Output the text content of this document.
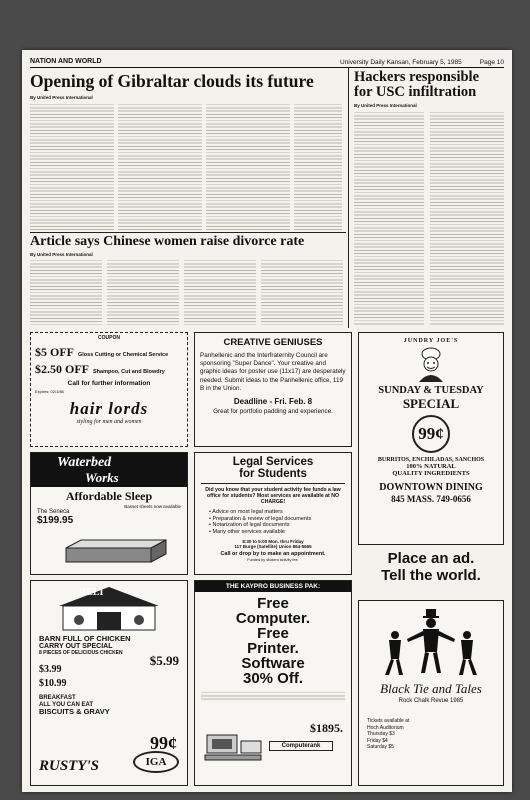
NATION AND WORLD	University Daily Kansan, February 5, 1985	Page 10
Opening of Gibraltar clouds its future
By United Press International
Hackers responsible
for USC infiltration
By United Press International
Article says Chinese women raise divorce rate
By United Press International
COUPON
$5 OFF Gloss Cutting or Chemical Service
$2.50 OFF Shampoo, Cut and Blowdry
Call for further information
Expires: 02/1/86
hair lords
styling for men and women
CREATIVE GENIUSES
Panhellenic and the Interfraternity Council are sponsoring "Super Dance". Your creative and graphic ideas for poster use (11x17) are desperately needed. Submit ideas to the Panhellenic office, 119 B in the Union.
Deadline - Fri. Feb. 8
Great for portfolio padding and experience.
JUNDRY JOE'S
SUNDAY & TUESDAY
SPECIAL
99¢
BURRITOS, ENCHILADAS, SANCHOS
100% NATURAL
QUALITY INGREDIENTS
DOWNTOWN DINING
845 MASS. 749-0656
Waterbed
Works
Affordable Sleep
Basset sheets now available
The Seneca
$199.95
Legal Services
for Students
Did you know that your student activity fee funds a law office for students? Most services are available at NO CHARGE!
• Advice on most legal matters
• Preparation & review of legal documents
• Notarization of legal documents
• Many other services available
8:30 to 5:00 Mon. thru Friday
117 Burge (Satellite) Union 864-5665
Call or drop by to make an appointment.
Funded by student activity fee.	Place an ad.
Tell the world.
DELI
BARN FULL OF CHICKEN
CARRY OUT SPECIAL
8 PIECES OF DELICIOUS CHICKEN	$5.99
$3.99
$10.99
BREAKFAST
ALL YOU CAN EAT
BISCUITS & GRAVY
99¢
RUSTY'S	IGA
THE KAYPRO BUSINESS PAK:
Free
Computer.
Free
Printer.
Software
30% Off.
$1895.
Computerank
Black Tie and Tales
Rock Chalk Revue 1985
Tickets available at
Hoch Auditorium
Thursday $3
Friday $4
Saturday $5
